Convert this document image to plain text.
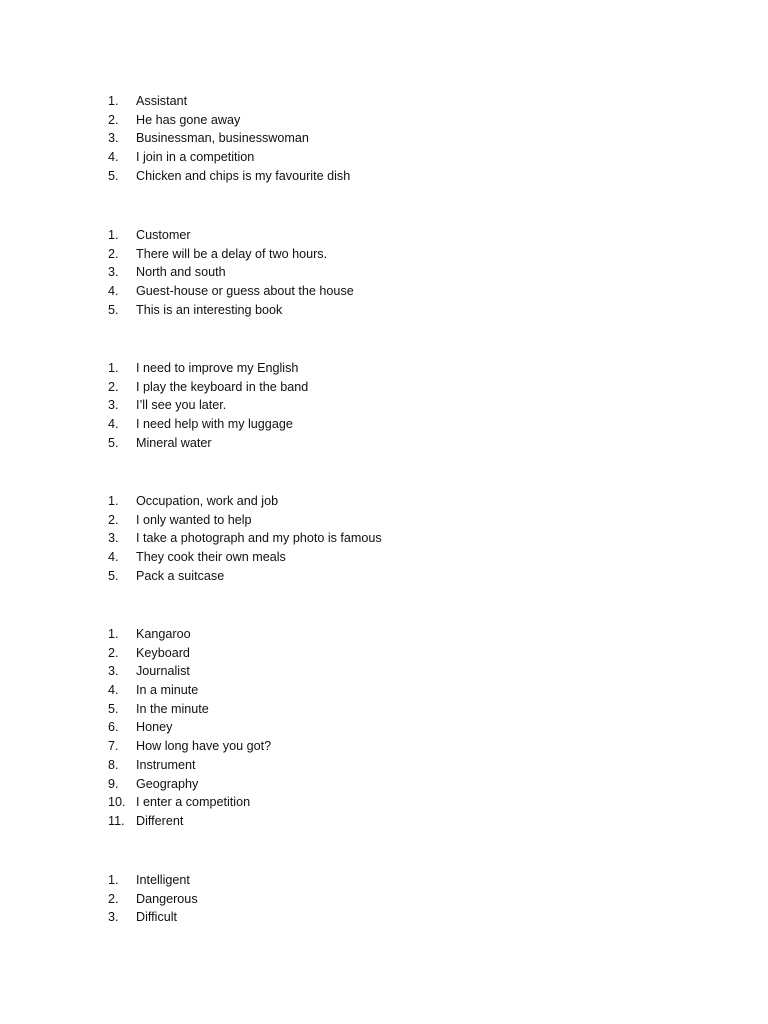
1.	Assistant
2.	He has gone away
3.	Businessman, businesswoman
4.	I join in a competition
5.	Chicken and chips is my favourite dish
1.	Customer
2.	There will be a delay of two hours.
3.	North and south
4.	Guest-house or guess about the house
5.	This is an interesting book
1.	I need to improve my English
2.	I play the keyboard in the band
3.	I’ll see you later.
4.	I need help with my luggage
5.	Mineral water
1.	Occupation, work and job
2.	I only wanted to help
3.	I take a photograph and my photo is famous
4.	They cook their own meals
5.	Pack a suitcase
1.	Kangaroo
2.	Keyboard
3.	Journalist
4.	In a minute
5.	In the minute
6.	Honey
7.	How long have you got?
8.	Instrument
9.	Geography
10. I enter a competition
11. Different
1.	Intelligent
2.	Dangerous
3.	Difficult
